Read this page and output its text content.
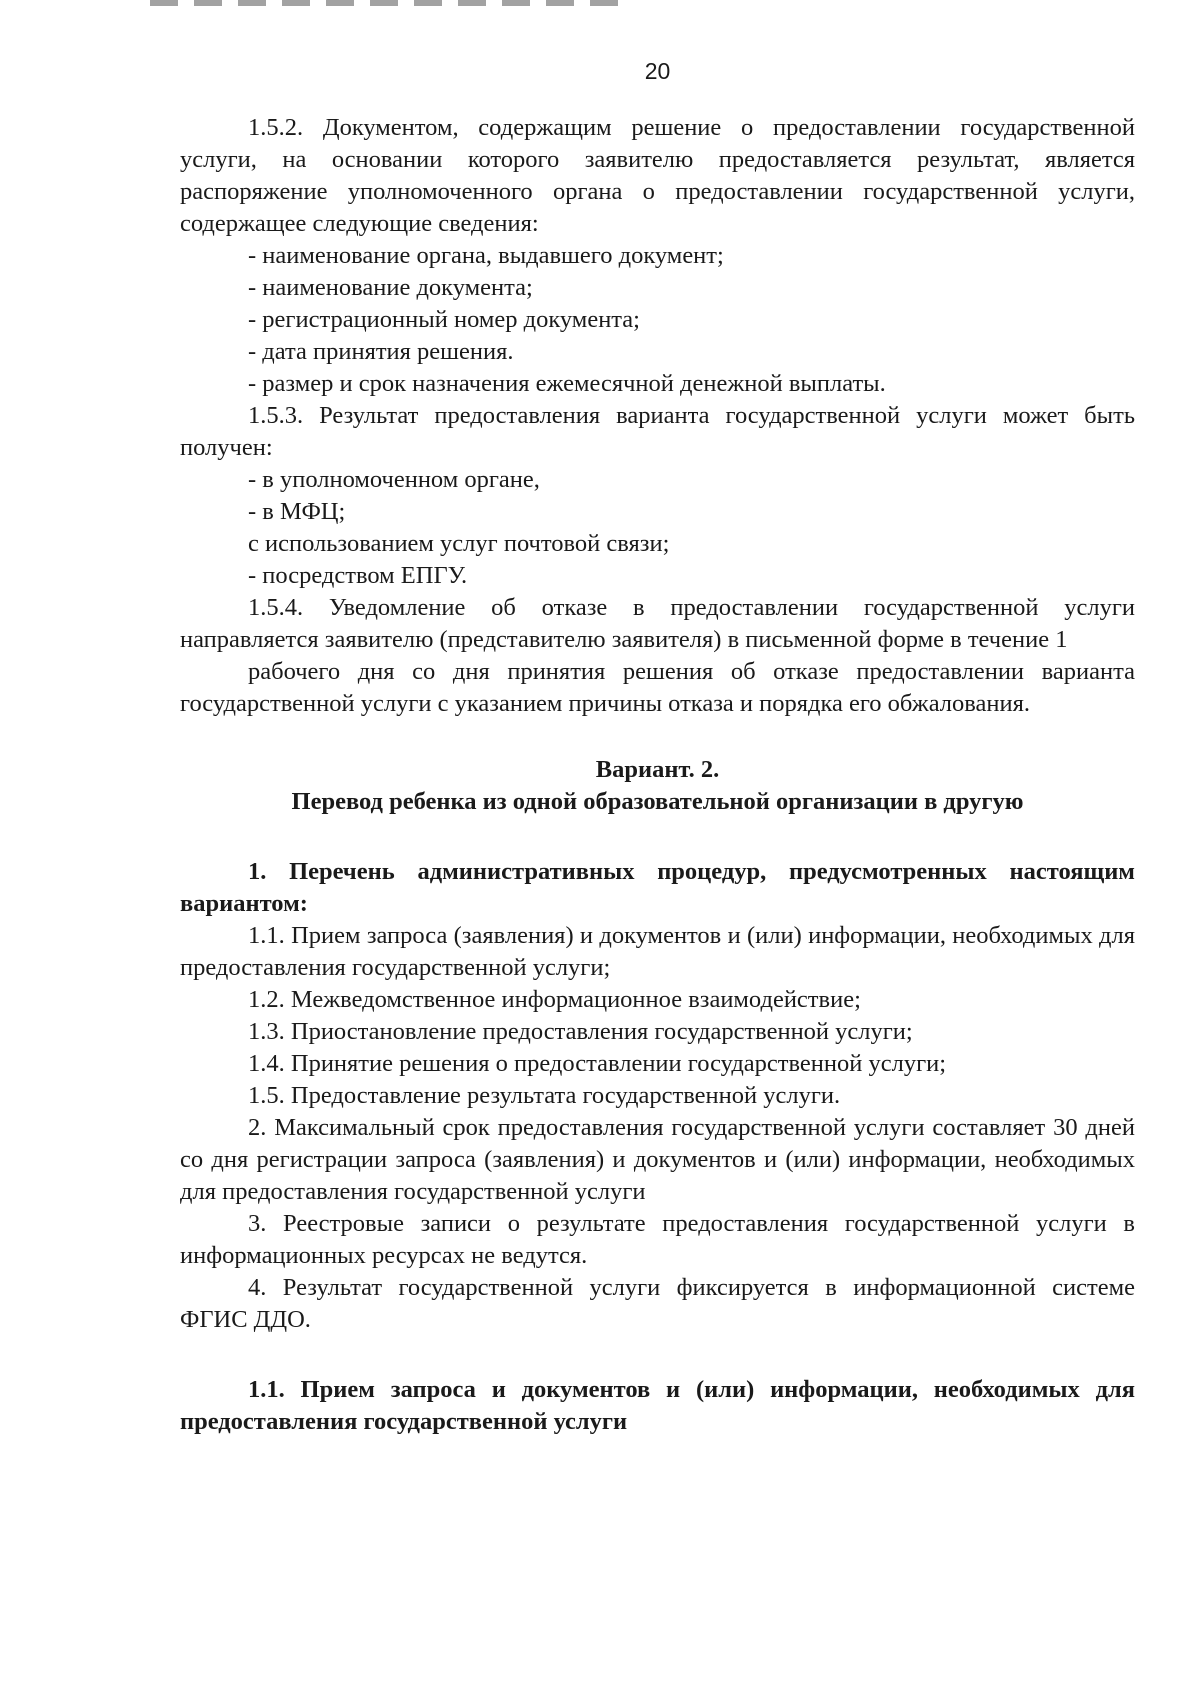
20

1.5.2. Документом, содержащим решение о предоставлении государственной услуги, на основании которого заявителю предоставляется результат, является распоряжение уполномоченного органа о предоставлении государственной услуги, содержащее следующие сведения:

- наименование органа, выдавшего документ;

- наименование документа;

- регистрационный номер документа;

- дата принятия решения.

- размер и срок назначения ежемесячной денежной выплаты.

1.5.3. Результат предоставления варианта государственной услуги может быть получен:

- в уполномоченном органе,

- в МФЦ;

с использованием услуг почтовой связи;

- посредством ЕПГУ.

1.5.4. Уведомление об отказе в предоставлении государственной услуги направляется заявителю (представителю заявителя) в письменной форме в течение 1

рабочего дня со дня принятия решения об отказе предоставлении варианта государственной услуги с указанием причины отказа и порядка его обжалования.

Вариант. 2.

Перевод ребенка из одной образовательной организации в другую

1. Перечень административных процедур, предусмотренных настоящим вариантом:

1.1. Прием запроса (заявления) и документов и (или) информации, необходимых для предоставления государственной услуги;

1.2. Межведомственное информационное взаимодействие;

1.3. Приостановление предоставления государственной услуги;

1.4. Принятие решения о предоставлении государственной услуги;

1.5. Предоставление результата государственной услуги.

2. Максимальный срок предоставления государственной услуги составляет 30 дней со дня регистрации запроса (заявления) и документов и (или) информации, необходимых для предоставления государственной услуги

3. Реестровые записи о результате предоставления государственной услуги в информационных ресурсах не ведутся.

4. Результат государственной услуги фиксируется в информационной системе ФГИС ДДО.

1.1. Прием запроса и документов и (или) информации, необходимых для предоставления государственной услуги
